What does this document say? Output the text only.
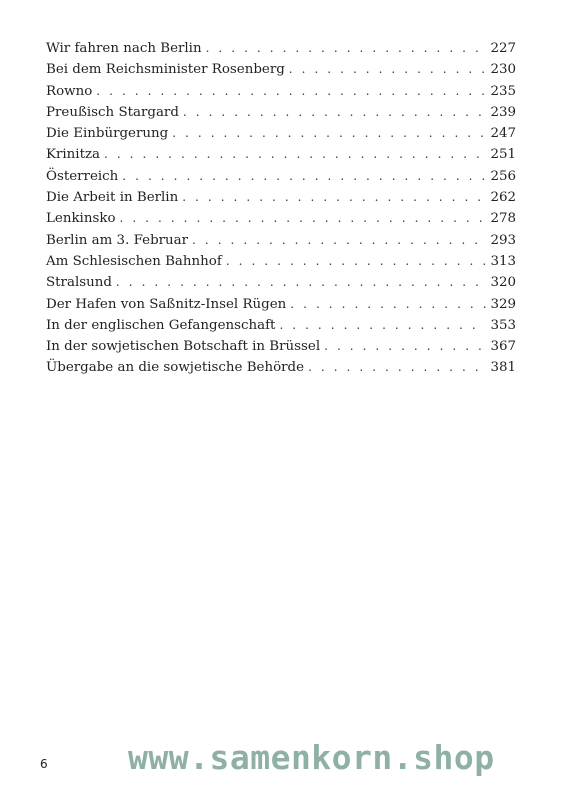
Wir fahren nach Berlin . . .	227
Bei dem Reichsminister Rosenberg . . .	230
Rowno . . .	235
Preußisch Stargard . . .	239
Die Einbürgerung . . .	247
Krinitza . . .	251
Österreich . . .	256
Die Arbeit in Berlin . . .	262
Lenkinsko . . .	278
Berlin am 3. Februar . . .	293
Am Schlesischen Bahnhof . . .	313
Stralsund . . .	320
Der Hafen von Saßnitz-Insel Rügen . . .	329
In der englischen Gefangenschaft . . .	353
In der sowjetischen Botschaft in Brüssel . . .	367
Übergabe an die sowjetische Behörde . . .	381
6 www.samenkorn.shop
